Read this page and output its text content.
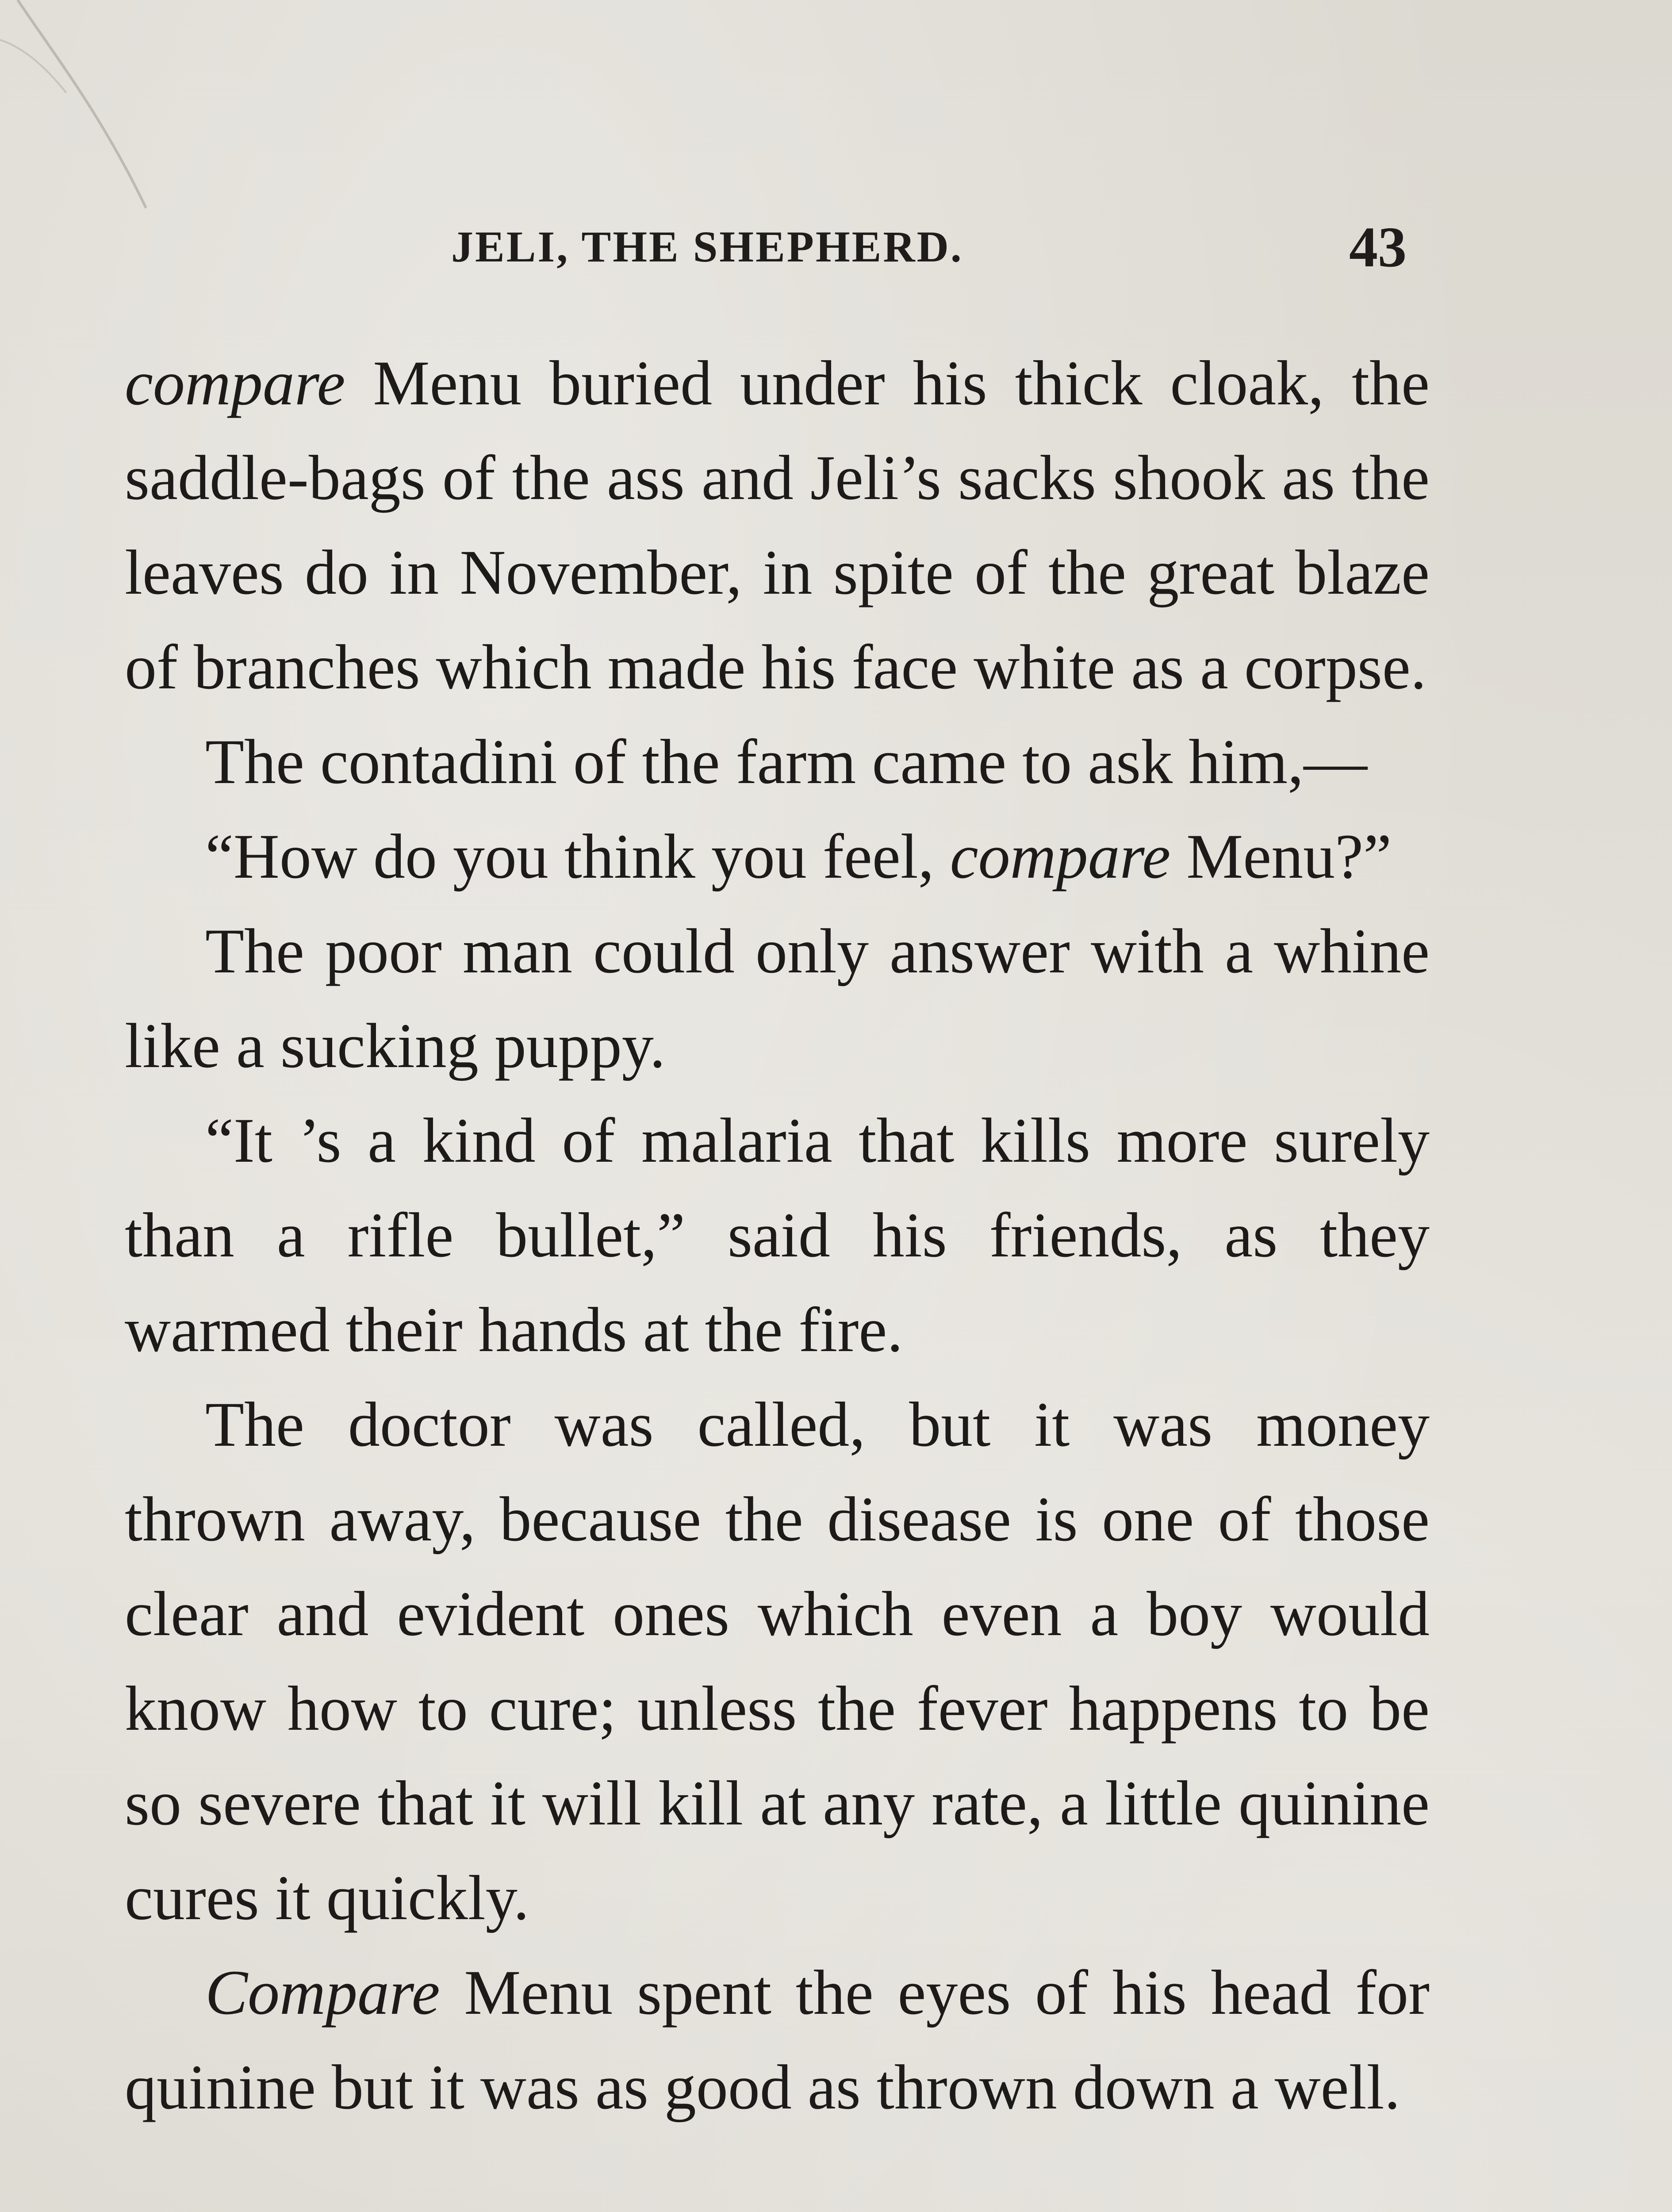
JELI, THE SHEPHERD.	43

compare Menu buried under his thick cloak, the saddle-bags of the ass and Jeli’s sacks shook as the leaves do in November, in spite of the great blaze of branches which made his face white as a corpse.

The contadini of the farm came to ask him,—

“How do you think you feel, compare Menu?”

The poor man could only answer with a whine like a sucking puppy.

“It ’s a kind of malaria that kills more surely than a rifle bullet,” said his friends, as they warmed their hands at the fire.

The doctor was called, but it was money thrown away, because the disease is one of those clear and evident ones which even a boy would know how to cure; unless the fever happens to be so severe that it will kill at any rate, a little quinine cures it quickly.

Compare Menu spent the eyes of his head for quinine but it was as good as thrown down a well.
